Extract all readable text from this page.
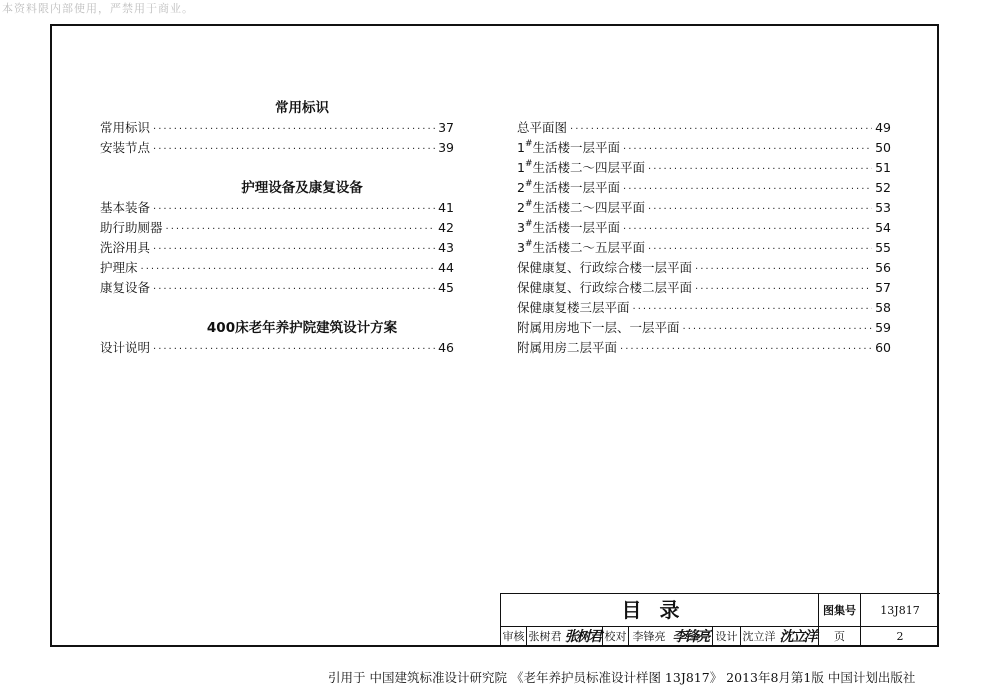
本资料限内部使用，严禁用于商业。
常用标识
常用标识 ·····	37
安装节点 ·····	39
护理设备及康复设备
基本装备 ·····	41
助行助厕器 ·····	42
洗浴用具 ·····	43
护理床 ·····	44
康复设备 ·····	45
400床老年养护院建筑设计方案
设计说明 ·····	46
总平面图 ·····	49
1#生活楼一层平面 ·····	50
1#生活楼二～四层平面 ·····	51
2#生活楼一层平面 ·····	52
2#生活楼二～四层平面 ·····	53
3#生活楼一层平面 ·····	54
3#生活楼二～五层平面 ·····	55
保健康复、行政综合楼一层平面 ·····	56
保健康复、行政综合楼二层平面 ·····	57
保健康复楼三层平面 ·····	58
附属用房地下一层、一层平面 ·····	59
附属用房二层平面 ·····	60
目录	图集号	13J817
审核 张树君 张树君 校对 李锋亮 李锋亮 设计 沈立洋 沈立洋	页	2
引用于 中国建筑标准设计研究院 《老年养护员标准设计样图 13J817》 2013年8月第1版 中国计划出版社
